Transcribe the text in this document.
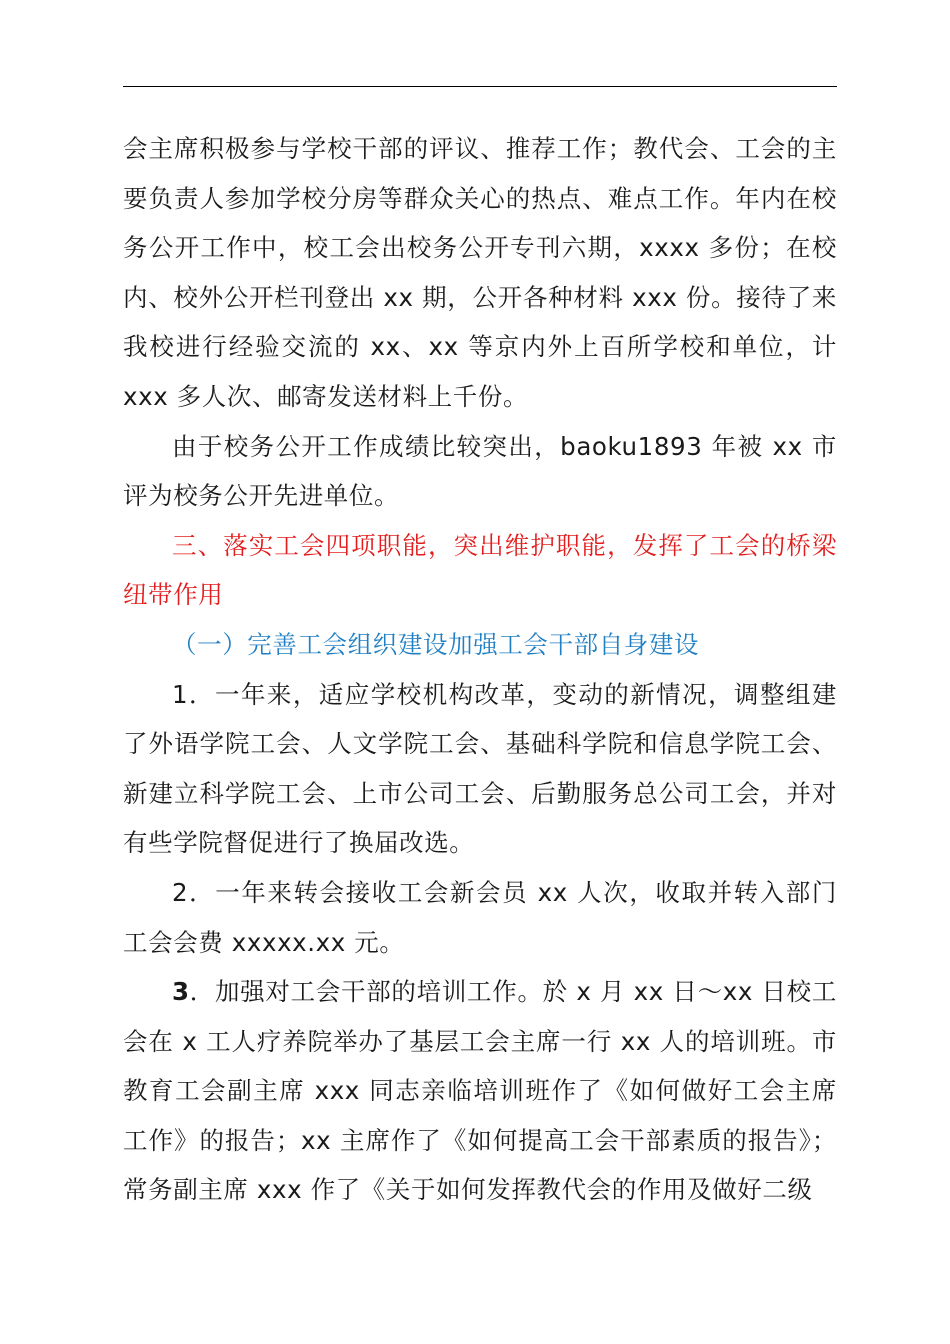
会主席积极参与学校干部的评议、推荐工作；教代会、工会的主要负责人参加学校分房等群众关心的热点、难点工作。年内在校务公开工作中，校工会出校务公开专刊六期，xxxx 多份；在校内、校外公开栏刊登出 xx 期，公开各种材料 xxx 份。接待了来我校进行经验交流的 xx、xx 等京内外上百所学校和单位，计 xxx 多人次、邮寄发送材料上千份。

由于校务公开工作成绩比较突出，baoku1893 年被 xx 市评为校务公开先进单位。

三、落实工会四项职能，突出维护职能，发挥了工会的桥梁纽带作用

（一）完善工会组织建设加强工会干部自身建设

1．一年来，适应学校机构改革，变动的新情况，调整组建了外语学院工会、人文学院工会、基础科学院和信息学院工会、新建立科学院工会、上市公司工会、后勤服务总公司工会，并对有些学院督促进行了换届改选。

2．一年来转会接收工会新会员 xx 人次，收取并转入部门工会会费 xxxxx.xx 元。

3．加强对工会干部的培训工作。於 x 月 xx 日～xx 日校工会在 x 工人疗养院举办了基层工会主席一行 xx 人的培训班。市教育工会副主席 xxx 同志亲临培训班作了《如何做好工会主席工作》的报告；xx 主席作了《如何提高工会干部素质的报告》；常务副主席 xxx 作了《关于如何发挥教代会的作用及做好二级
